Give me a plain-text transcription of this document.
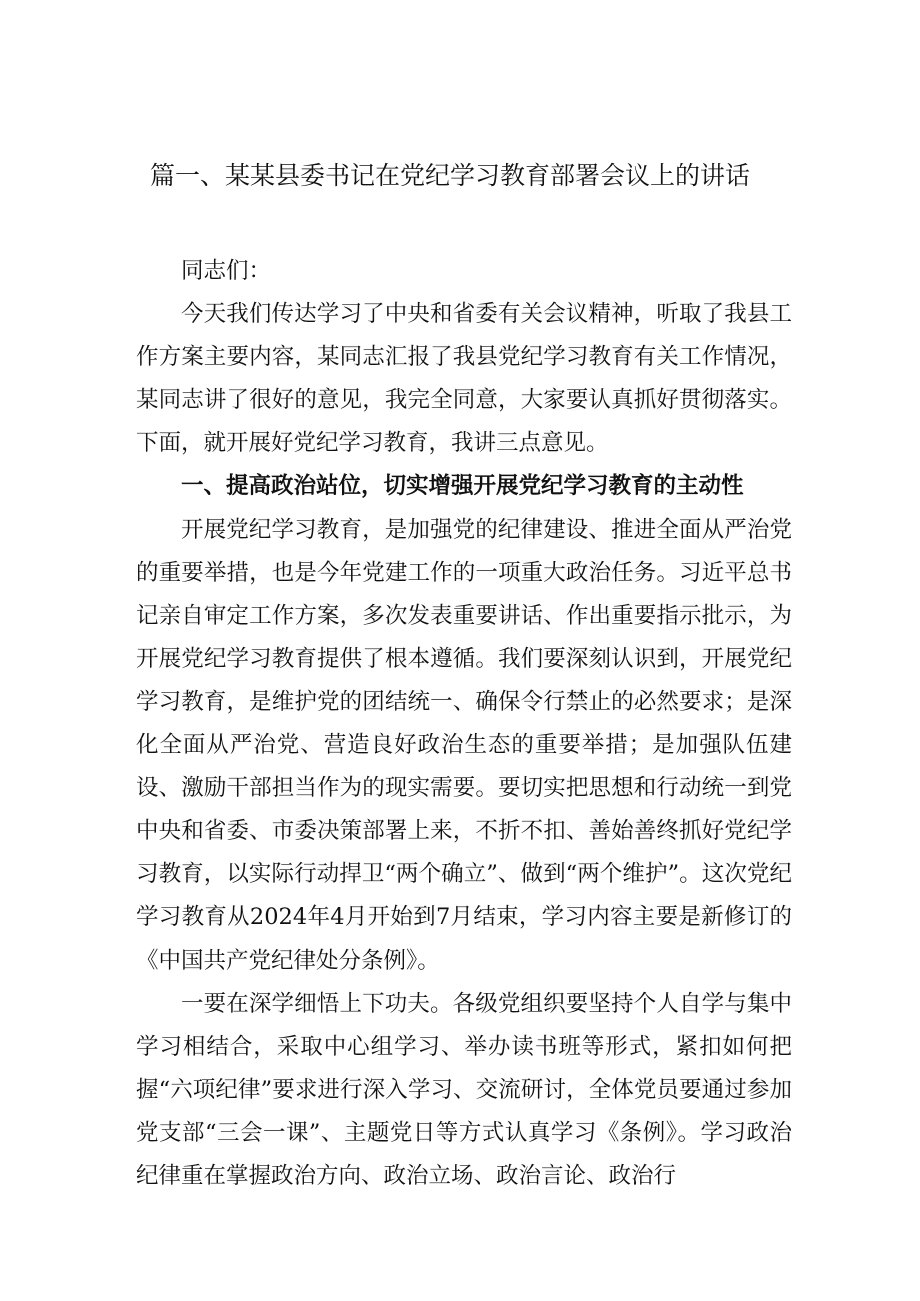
篇一、某某县委书记在党纪学习教育部署会议上的讲话

同志们：

今天我们传达学习了中央和省委有关会议精神，听取了我县工作方案主要内容，某同志汇报了我县党纪学习教育有关工作情况，某同志讲了很好的意见，我完全同意，大家要认真抓好贯彻落实。下面，就开展好党纪学习教育，我讲三点意见。

一、提高政治站位，切实增强开展党纪学习教育的主动性

开展党纪学习教育，是加强党的纪律建设、推进全面从严治党的重要举措，也是今年党建工作的一项重大政治任务。习近平总书记亲自审定工作方案，多次发表重要讲话、作出重要指示批示，为开展党纪学习教育提供了根本遵循。我们要深刻认识到，开展党纪学习教育，是维护党的团结统一、确保令行禁止的必然要求；是深化全面从严治党、营造良好政治生态的重要举措；是加强队伍建设、激励干部担当作为的现实需要。要切实把思想和行动统一到党中央和省委、市委决策部署上来，不折不扣、善始善终抓好党纪学习教育，以实际行动捍卫“两个确立”、做到“两个维护”。这次党纪学习教育从2024年4月开始到7月结束，学习内容主要是新修订的《中国共产党纪律处分条例》。

一要在深学细悟上下功夫。各级党组织要坚持个人自学与集中学习相结合，采取中心组学习、举办读书班等形式，紧扣如何把握“六项纪律”要求进行深入学习、交流研讨，全体党员要通过参加党支部“三会一课”、主题党日等方式认真学习《条例》。学习政治纪律重在掌握政治方向、政治立场、政治言论、政治行
